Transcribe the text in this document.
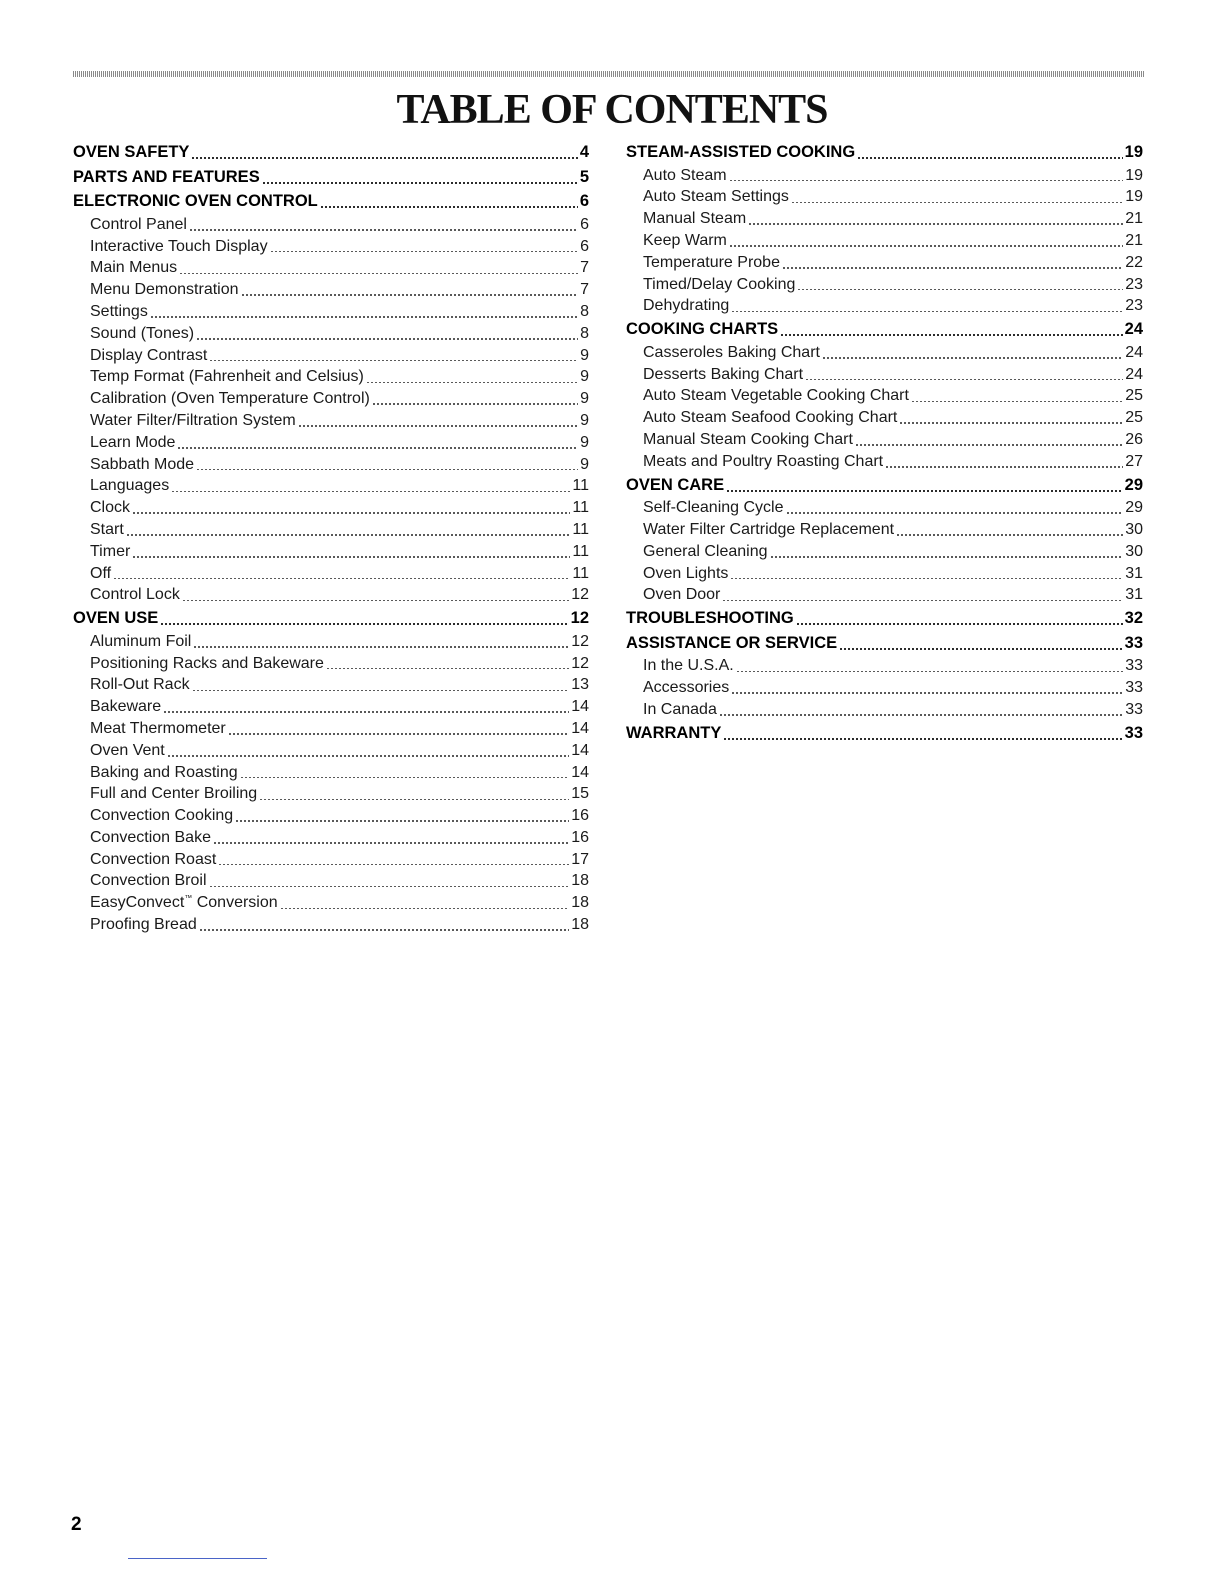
TABLE OF CONTENTS
OVEN SAFETY	4
PARTS AND FEATURES	5
ELECTRONIC OVEN CONTROL	6
Control Panel	6
Interactive Touch Display	6
Main Menus	7
Menu Demonstration	7
Settings	8
Sound (Tones)	8
Display Contrast	9
Temp Format (Fahrenheit and Celsius)	9
Calibration (Oven Temperature Control)	9
Water Filter/Filtration System	9
Learn Mode	9
Sabbath Mode	9
Languages	11
Clock	11
Start	11
Timer	11
Off	11
Control Lock	12
OVEN USE	12
Aluminum Foil	12
Positioning Racks and Bakeware	12
Roll-Out Rack	13
Bakeware	14
Meat Thermometer	14
Oven Vent	14
Baking and Roasting	14
Full and Center Broiling	15
Convection Cooking	16
Convection Bake	16
Convection Roast	17
Convection Broil	18
EasyConvect™ Conversion	18
Proofing Bread	18
STEAM-ASSISTED COOKING	19
Auto Steam	19
Auto Steam Settings	19
Manual Steam	21
Keep Warm	21
Temperature Probe	22
Timed/Delay Cooking	23
Dehydrating	23
COOKING CHARTS	24
Casseroles Baking Chart	24
Desserts Baking Chart	24
Auto Steam Vegetable Cooking Chart	25
Auto Steam Seafood Cooking Chart	25
Manual Steam Cooking Chart	26
Meats and Poultry Roasting Chart	27
OVEN CARE	29
Self-Cleaning Cycle	29
Water Filter Cartridge Replacement	30
General Cleaning	30
Oven Lights	31
Oven Door	31
TROUBLESHOOTING	32
ASSISTANCE OR SERVICE	33
In the U.S.A.	33
Accessories	33
In Canada	33
WARRANTY	33
2
